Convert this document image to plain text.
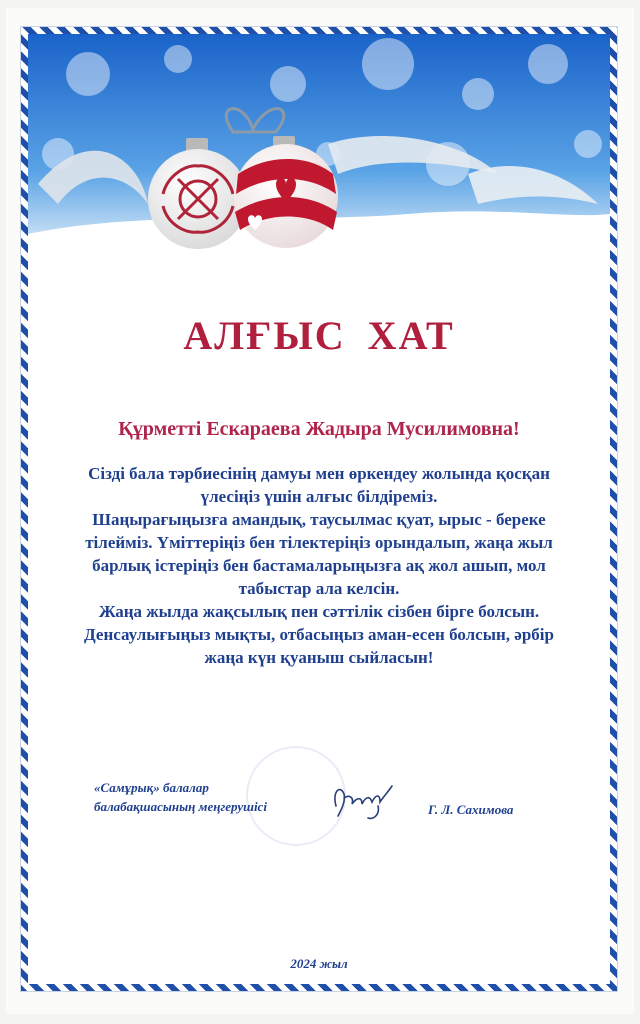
АЛҒЫС ХАТ
Құрметті Ескараева Жадыра Мусилимовна!

Сізді бала тәрбиесінің дамуы мен өркендеу жолында қосқан үлесіңіз үшін алғыс білдіреміз.

Шаңырағыңызға амандық, таусылмас қуат, ырыс - береке тілейміз. Үміттеріңіз бен тілектеріңіз орындалып, жаңа жыл барлық істеріңіз бен бастамаларыңызға ақ жол ашып, мол табыстар ала келсін.

Жаңа жылда жақсылық пен сәттілік сізбен бірге болсын.

Денсаулығыңыз мықты, отбасыңыз аман-есен болсын, әрбір жаңа күн қуаныш сыйласын!

«Самұрық» балалар
балабақшасының меңгерушісі	Г. Л. Сахимова
2024 жыл
